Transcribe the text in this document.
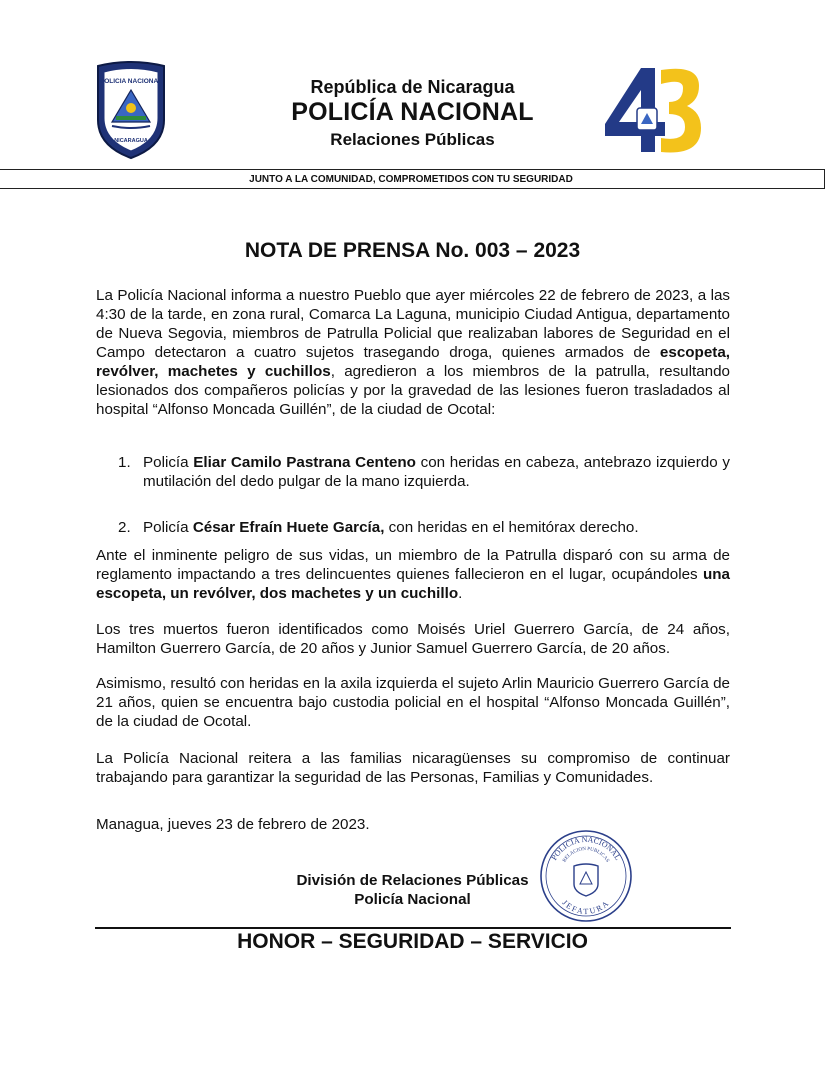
POLICIA NACIONAL
NICARAGUA
República de Nicaragua
POLICÍA NACIONAL
Relaciones Públicas
JUNTO A LA COMUNIDAD, COMPROMETIDOS CON TU SEGURIDAD
NOTA DE PRENSA No. 003 – 2023
La Policía Nacional informa a nuestro Pueblo que ayer miércoles 22 de febrero de 2023, a las 4:30 de la tarde, en zona rural, Comarca La Laguna, municipio Ciudad Antigua, departamento de Nueva Segovia, miembros de Patrulla Policial que realizaban labores de Seguridad en el Campo detectaron a cuatro sujetos trasegando droga, quienes armados de escopeta, revólver, machetes y cuchillos, agredieron a los miembros de la patrulla, resultando lesionados dos compañeros policías y por la gravedad de las lesiones fueron trasladados al hospital “Alfonso Moncada Guillén”, de la ciudad de Ocotal:
1. Policía Eliar Camilo Pastrana Centeno con heridas en cabeza, antebrazo izquierdo y mutilación del dedo pulgar de la mano izquierda.
2. Policía César Efraín Huete García, con heridas en el hemitórax derecho.
Ante el inminente peligro de sus vidas, un miembro de la Patrulla disparó con su arma de reglamento impactando a tres delincuentes quienes fallecieron en el lugar, ocupándoles una escopeta, un revólver, dos machetes y un cuchillo.
Los tres muertos fueron identificados como Moisés Uriel Guerrero García, de 24 años, Hamilton Guerrero García, de 20 años y Junior Samuel Guerrero García, de 20 años.
Asimismo, resultó con heridas en la axila izquierda el sujeto Arlin Mauricio Guerrero García de 21 años, quien se encuentra bajo custodia policial en el hospital “Alfonso Moncada Guillén”, de la ciudad de Ocotal.
La Policía Nacional reitera a las familias nicaragüenses su compromiso de continuar trabajando para garantizar la seguridad de las Personas, Familias y Comunidades.
Managua, jueves 23 de febrero de 2023.
División de Relaciones Públicas
Policía Nacional
POLICIA NACIONAL
RELACION PUBLICAS
JEFATURA
HONOR – SEGURIDAD – SERVICIO
